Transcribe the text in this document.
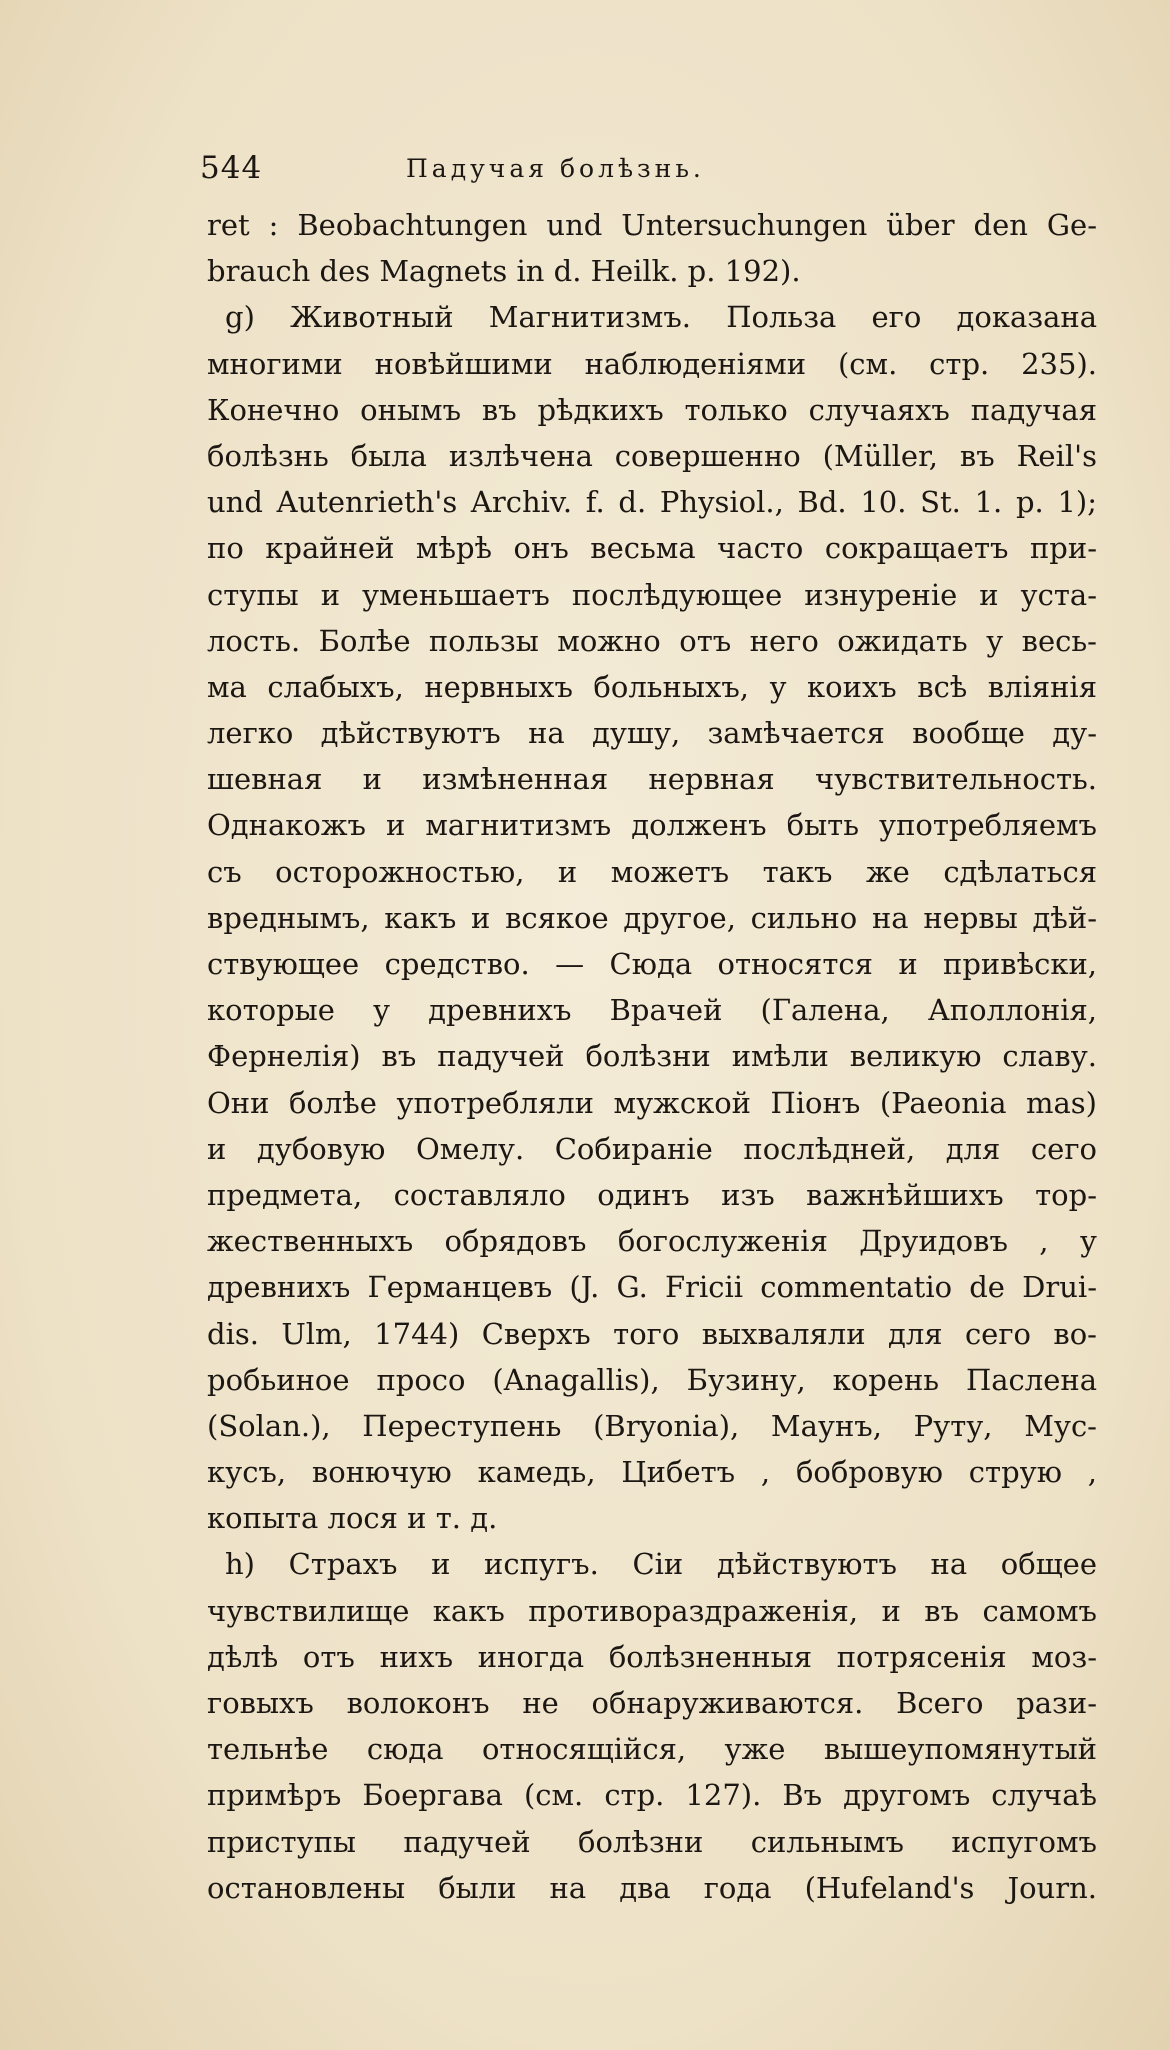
544	Падучая болѣзнь.
ret : Beobachtungen und Untersuchungen über den Ge-
brauch des Magnets in d. Heilk. p. 192).
g) Животный Магнитизмъ. Польза его доказана
многими новѣйшими наблюденiями (см. стр. 235).
Конечно онымъ въ рѣдкихъ только случаяхъ падучая
болѣзнь была излѣчена совершенно (Müller, въ Reil's
und Autenrieth's Archiv. f. d. Physiol., Bd. 10. St. 1. p. 1);
по крайней мѣрѣ онъ весьма часто сокращаетъ при-
ступы и уменьшаетъ послѣдующее изнуренiе и уста-
лость. Болѣе пользы можно отъ него ожидать у весь-
ма слабыхъ, нервныхъ больныхъ, у коихъ всѣ влiянiя
легко дѣйствуютъ на душу, замѣчается вообще ду-
шевная и измѣненная нервная чувствительность.
Однакожъ и магнитизмъ долженъ быть употребляемъ
съ осторожностью, и можетъ такъ же сдѣлаться
вреднымъ, какъ и всякое другое, сильно на нервы дѣй-
ствующее средство. — Сюда относятся и привѣски,
которые у древнихъ Врачей (Галена, Аполлонiя,
Фернелiя) въ падучей болѣзни имѣли великую славу.
Они болѣе употребляли мужской Пiонъ (Paeonia mas)
и дубовую Омелу. Собиранiе послѣдней, для сего
предмета, составляло одинъ изъ важнѣйшихъ тор-
жественныхъ обрядовъ богослуженiя Друидовъ , у
древнихъ Германцевъ (J. G. Fricii commentatio de Drui-
dis. Ulm, 1744) Сверхъ того выхваляли для сего во-
робьиное просо (Anagallis), Бузину, корень Паслена
(Solan.), Переступень (Bryonia), Маунъ, Руту, Мус-
кусъ, вонючую камедь, Цибетъ , бобровую струю ,
копыта лося и т. д.
h) Страхъ и испугъ. Сiи дѣйствуютъ на общее
чувствилище какъ противораздраженiя, и въ самомъ
дѣлѣ отъ нихъ иногда болѣзненныя потрясенiя моз-
говыхъ волоконъ не обнаруживаются. Всего рази-
тельнѣе сюда относящiйся, уже вышеупомянутый
примѣръ Боергава (см. стр. 127). Въ другомъ случаѣ
приступы падучей болѣзни сильнымъ испугомъ
остановлены были на два года (Hufeland's Journ.
